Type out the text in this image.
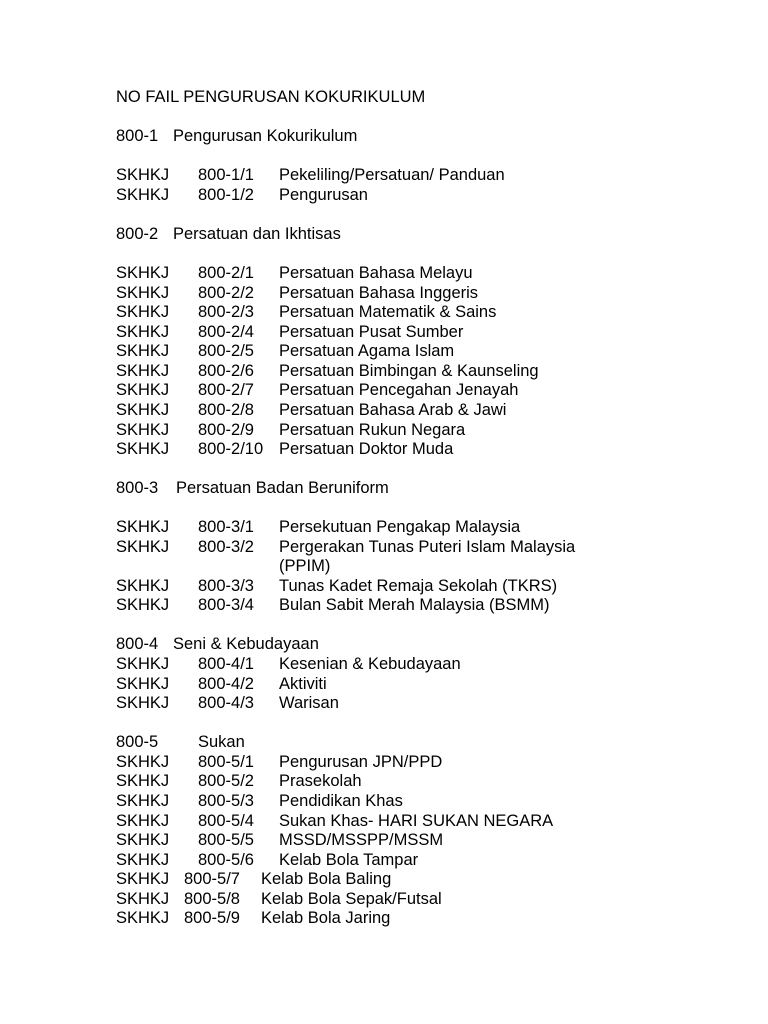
NO FAIL PENGURUSAN KOKURIKULUM

800-1

Pengurusan Kokurikulum

SKHKJ

800-1/1

Pekeliling/Persatuan/ Panduan

SKHKJ

800-1/2

Pengurusan

800-2

Persatuan dan Ikhtisas

SKHKJ

800-2/1

Persatuan Bahasa Melayu

SKHKJ

800-2/2

Persatuan Bahasa Inggeris

SKHKJ

800-2/3

Persatuan Matematik & Sains

SKHKJ

800-2/4

Persatuan Pusat Sumber

SKHKJ

800-2/5

Persatuan Agama Islam

SKHKJ

800-2/6

Persatuan Bimbingan & Kaunseling

SKHKJ

800-2/7

Persatuan Pencegahan Jenayah

SKHKJ

800-2/8

Persatuan Bahasa Arab & Jawi

SKHKJ

800-2/9

Persatuan Rukun Negara

SKHKJ

800-2/10

Persatuan Doktor Muda

800-3

Persatuan Badan Beruniform

SKHKJ

800-3/1

Persekutuan Pengakap Malaysia

SKHKJ

800-3/2

Pergerakan Tunas Puteri Islam Malaysia

(PPIM)

SKHKJ

800-3/3

Tunas Kadet Remaja Sekolah (TKRS)

SKHKJ

800-3/4

Bulan Sabit Merah Malaysia (BSMM)

800-4

Seni & Kebudayaan

SKHKJ

800-4/1

Kesenian & Kebudayaan

SKHKJ

800-4/2

Aktiviti

SKHKJ

800-4/3

Warisan

800-5

Sukan

SKHKJ

800-5/1

Pengurusan JPN/PPD

SKHKJ

800-5/2

Prasekolah

SKHKJ

800-5/3

Pendidikan Khas

SKHKJ

800-5/4

Sukan Khas- HARI SUKAN NEGARA

SKHKJ

800-5/5

MSSD/MSSPP/MSSM

SKHKJ

800-5/6

Kelab Bola Tampar

SKHKJ

800-5/7

Kelab Bola Baling

SKHKJ

800-5/8

Kelab Bola Sepak/Futsal

SKHKJ

800-5/9

Kelab Bola Jaring
